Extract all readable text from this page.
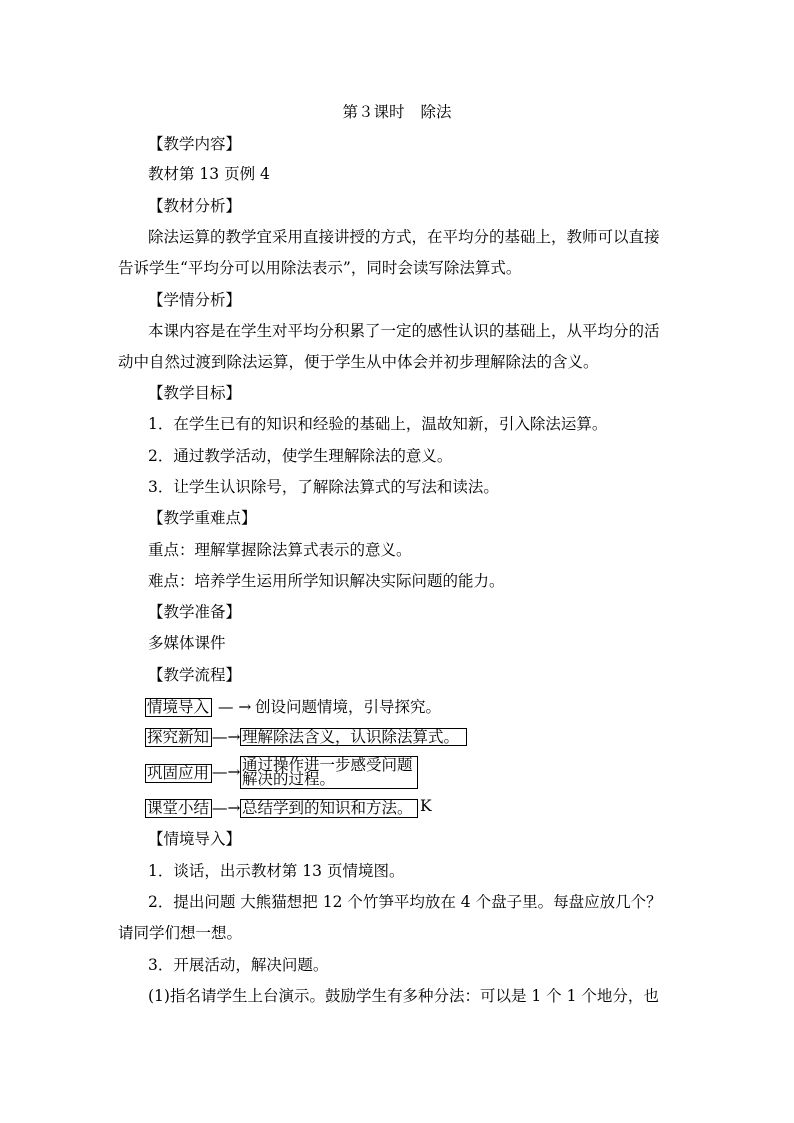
第３课时 除法
【教学内容】
教材第 13 页例 4
【教材分析】
除法运算的教学宜采用直接讲授的方式，在平均分的基础上，教师可以直接
告诉学生“平均分可以用除法表示”，同时会读写除法算式。
【学情分析】
本课内容是在学生对平均分积累了一定的感性认识的基础上，从平均分的活
动中自然过渡到除法运算，便于学生从中体会并初步理解除法的含义。
【教学目标】
1．在学生已有的知识和经验的基础上，温故知新，引入除法运算。
2．通过教学活动，使学生理解除法的意义。
3．让学生认识除号，了解除法算式的写法和读法。
【教学重难点】
重点：理解掌握除法算式表示的意义。
难点：培养学生运用所学知识解决实际问题的能力。
【教学准备】
多媒体课件
【教学流程】
情境导入 — → 创设问题情境，引导探究。
探究新知 —→ 理解除法含义，认识除法算式。
巩固应用 —→ 通过操作进一步感受问题
解决的过程。
课堂小结 —→ 总结学到的知识和方法。 K
【情境导入】
1．谈话，出示教材第 13 页情境图。
2．提出问题 大熊猫想把 12 个竹笋平均放在 4 个盘子里。每盘应放几个？
请同学们想一想。
3．开展活动，解决问题。
(1)指名请学生上台演示。鼓励学生有多种分法：可以是 1 个 1 个地分，也
